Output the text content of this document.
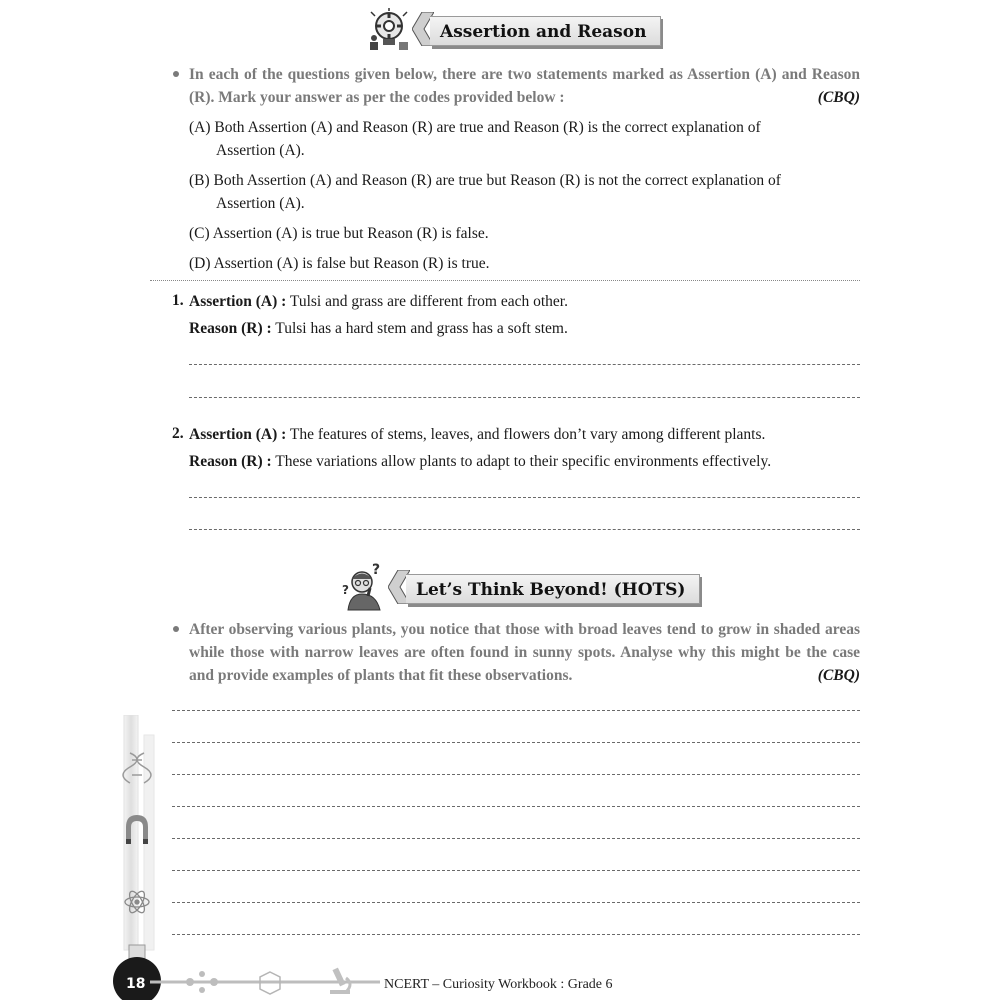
Assertion and Reason
In each of the questions given below, there are two statements marked as Assertion (A) and Reason (R). Mark your answer as per the codes provided below :	(CBQ)
(A) Both Assertion (A) and Reason (R) are true and Reason (R) is the correct explanation of
Assertion (A).
(B) Both Assertion (A) and Reason (R) are true but Reason (R) is not the correct explanation of
Assertion (A).
(C) Assertion (A) is true but Reason (R) is false.
(D) Assertion (A) is false but Reason (R) is true.
1. Assertion (A) : Tulsi and grass are different from each other.
Reason (R) : Tulsi has a hard stem and grass has a soft stem.
2. Assertion (A) : The features of stems, leaves, and flowers don’t vary among different plants.
Reason (R) : These variations allow plants to adapt to their specific environments effectively.
?
?	Let’s Think Beyond! (HOTS)
After observing various plants, you notice that those with broad leaves tend to grow in shaded areas while those with narrow leaves are often found in sunny spots. Analyse why this might be the case and provide examples of plants that fit these observations.	(CBQ)
18	NCERT – Curiosity Workbook : Grade 6
